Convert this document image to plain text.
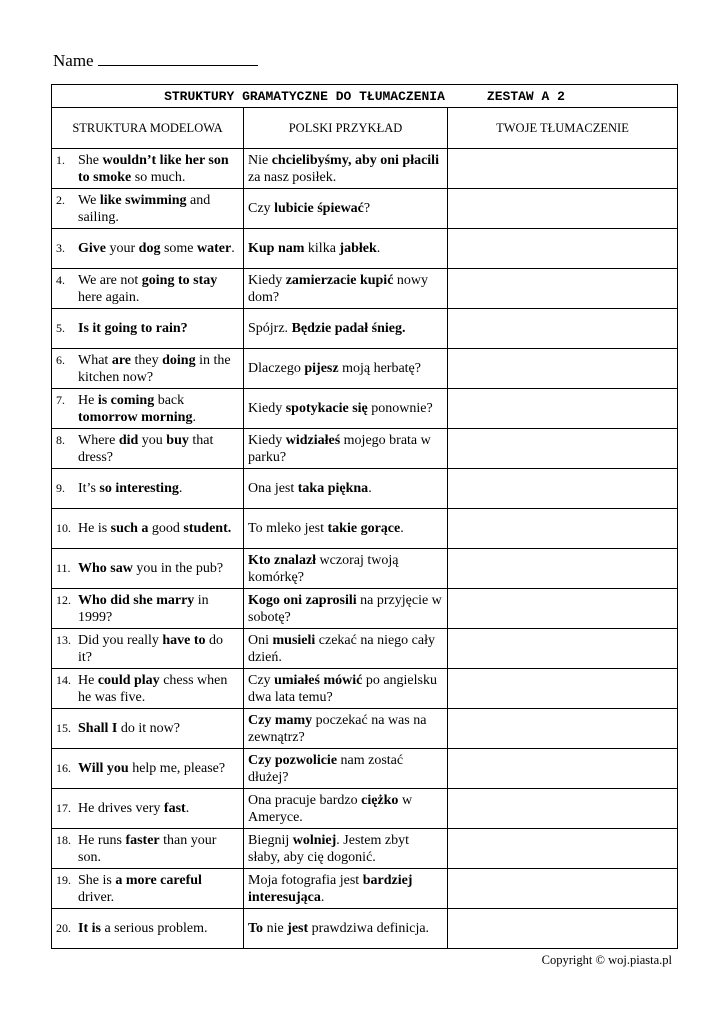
Name
STRUKTURY GRAMATYCZNE DO TŁUMACZENIA ZESTAW A 2		
STRUKTURA MODELOWA	POLSKI PRZYKŁAD	TWOJE TŁUMACZENIE
1. She wouldn’t like her son to smoke so much.	Nie chcielibyśmy, aby oni płacili za nasz posiłek.	
2. We like swimming and sailing.	Czy lubicie śpiewać?	
3. Give your dog some water.	Kup nam kilka jabłek.	
4. We are not going to stay here again.	Kiedy zamierzacie kupić nowy dom?	
5. Is it going to rain?	Spójrz. Będzie padał śnieg.	
6. What are they doing in the kitchen now?	Dlaczego pijesz moją herbatę?	
7. He is coming back tomorrow morning.	Kiedy spotykacie się ponownie?	
8. Where did you buy that dress?	Kiedy widziałeś mojego brata w parku?	
9. It’s so interesting.	Ona jest taka piękna.	
10. He is such a good student.	To mleko jest takie gorące.	
11. Who saw you in the pub?	Kto znalazł wczoraj twoją komórkę?	
12. Who did she marry in 1999?	Kogo oni zaprosili na przyjęcie w sobotę?	
13. Did you really have to do it?	Oni musieli czekać na niego cały dzień.	
14. He could play chess when he was five.	Czy umiałeś mówić po angielsku dwa lata temu?	
15. Shall I do it now?	Czy mamy poczekać na was na zewnątrz?	
16. Will you help me, please?	Czy pozwolicie nam zostać dłużej?	
17. He drives very fast.	Ona pracuje bardzo ciężko w Ameryce.	
18. He runs faster than your son.	Biegnij wolniej. Jestem zbyt słaby, aby cię dogonić.	
19. She is a more careful driver.	Moja fotografia jest bardziej interesująca.	
20. It is a serious problem.	To nie jest prawdziwa definicja.	
Copyright © woj.piasta.pl
